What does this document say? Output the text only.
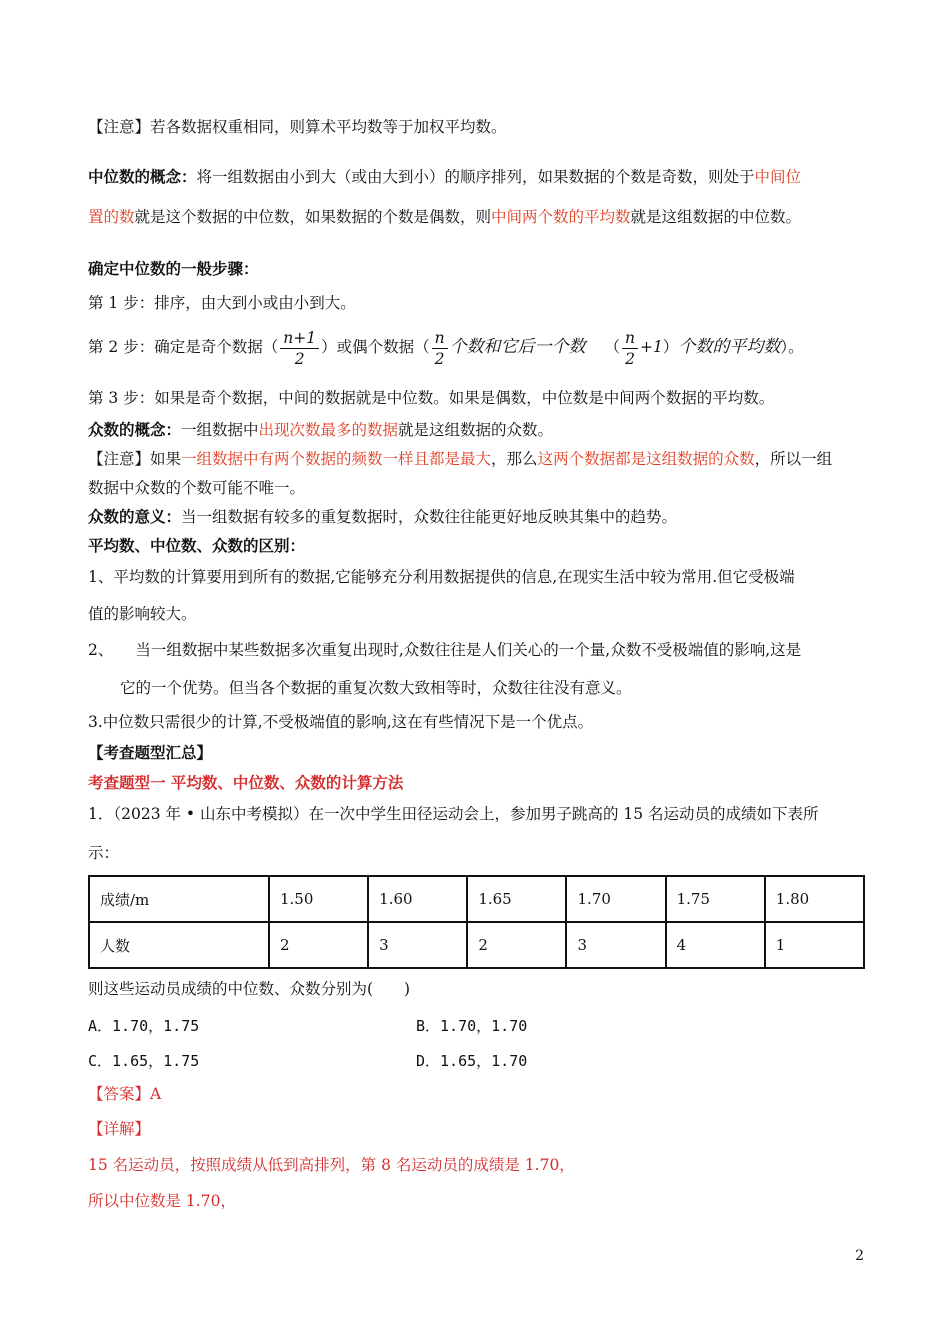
【注意】若各数据权重相同，则算术平均数等于加权平均数。
中位数的概念：将一组数据由小到大（或由大到小）的顺序排列，如果数据的个数是奇数，则处于中间位
置的数就是这个数据的中位数，如果数据的个数是偶数，则中间两个数的平均数就是这组数据的中位数。
确定中位数的一般步骤：
第 1 步：排序，由大到小或由小到大。
第 2 步：确定是奇个数据（ $\frac{n+1}{2}$ ）或偶个数据（ $\frac{n}{2}$ 个数和它后一个数 （ $\frac{n}{2} +1$）个数的平均数）。
第 3 步：如果是奇个数据，中间的数据就是中位数。如果是偶数，中位数是中间两个数据的平均数。
众数的概念：一组数据中出现次数最多的数据就是这组数据的众数。
【注意】如果一组数据中有两个数据的频数一样且都是最大，那么这两个数据都是这组数据的众数，所以一组
数据中众数的个数可能不唯一。
众数的意义：当一组数据有较多的重复数据时，众数往往能更好地反映其集中的趋势。
平均数、中位数、众数的区别：
1、平均数的计算要用到所有的数据,它能够充分利用数据提供的信息,在现实生活中较为常用.但它受极端
值的影响较大。
2、 当一组数据中某些数据多次重复出现时,众数往往是人们关心的一个量,众数不受极端值的影响,这是
它的一个优势。但当各个数据的重复次数大致相等时，众数往往没有意义。
3.中位数只需很少的计算,不受极端值的影响,这在有些情况下是一个优点。
【考查题型汇总】
考查题型一 平均数、中位数、众数的计算方法
1．（2023 年 • 山东中考模拟）在一次中学生田径运动会上，参加男子跳高的 15 名运动员的成绩如下表所
示：
成绩/m	1.50	1.60	1.65	1.70	1.75	1.80
人数	2	3	2	3	4	1
则这些运动员成绩的中位数、众数分别为(　　)
A．1.70，1.75	B．1.70，1.70
C．1.65，1.75	D．1.65，1.70
【答案】A
【详解】
15 名运动员，按照成绩从低到高排列，第 8 名运动员的成绩是 1.70，
所以中位数是 1.70，
2
